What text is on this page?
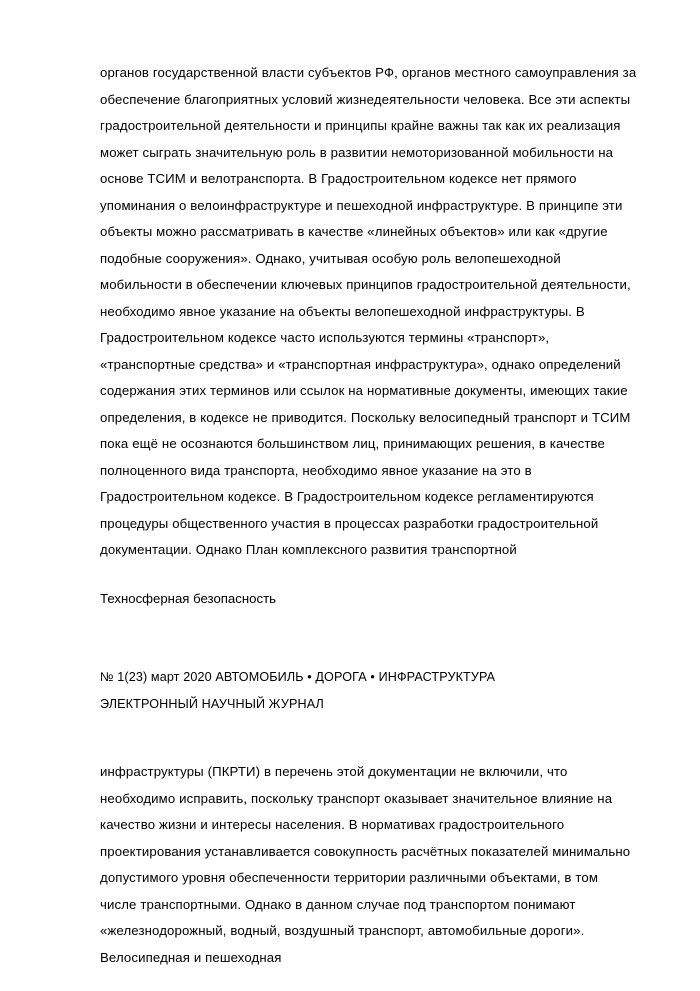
органов государственной власти субъектов РФ, органов местного самоуправления за обеспечение благоприятных условий жизнедеятельности человека. Все эти аспекты градостроительной деятельности и принципы крайне важны так как их реализация может сыграть значительную роль в развитии немоторизованной мобильности на основе ТСИМ и велотранспорта. В Градостроительном кодексе нет прямого упоминания о велоинфраструктуре и пешеходной инфраструктуре. В принципе эти объекты можно рассматривать в качестве «линейных объектов» или как «другие подобные сооружения». Однако, учитывая особую роль велопешеходной мобильности в обеспечении ключевых принципов градостроительной деятельности, необходимо явное указание на объекты велопешеходной инфраструктуры. В Градостроительном кодексе часто используются термины «транспорт», «транспортные средства» и «транспортная инфраструктура», однако определений содержания этих терминов или ссылок на нормативные документы, имеющих такие определения, в кодексе не приводится. Поскольку велосипедный транспорт и ТСИМ пока ещё не осознаются большинством лиц, принимающих решения, в качестве полноценного вида транспорта, необходимо явное указание на это в Градостроительном кодексе. В Градостроительном кодексе регламентируются процедуры общественного участия в процессах разработки градостроительной документации. Однако План комплексного развития транспортной

Техносферная безопасность

№ 1(23) март 2020 АВТОМОБИЛЬ • ДОРОГА • ИНФРАСТРУКТУРА

ЭЛЕКТРОННЫЙ НАУЧНЫЙ ЖУРНАЛ

инфраструктуры (ПКРТИ) в перечень этой документации не включили, что необходимо исправить, поскольку транспорт оказывает значительное влияние на качество жизни и интересы населения. В нормативах градостроительного проектирования устанавливается совокупность расчётных показателей минимально допустимого уровня обеспеченности территории различными объектами, в том числе транспортными. Однако в данном случае под транспортом понимают «железнодорожный, водный, воздушный транспорт, автомобильные дороги». Велосипедная и пешеходная
